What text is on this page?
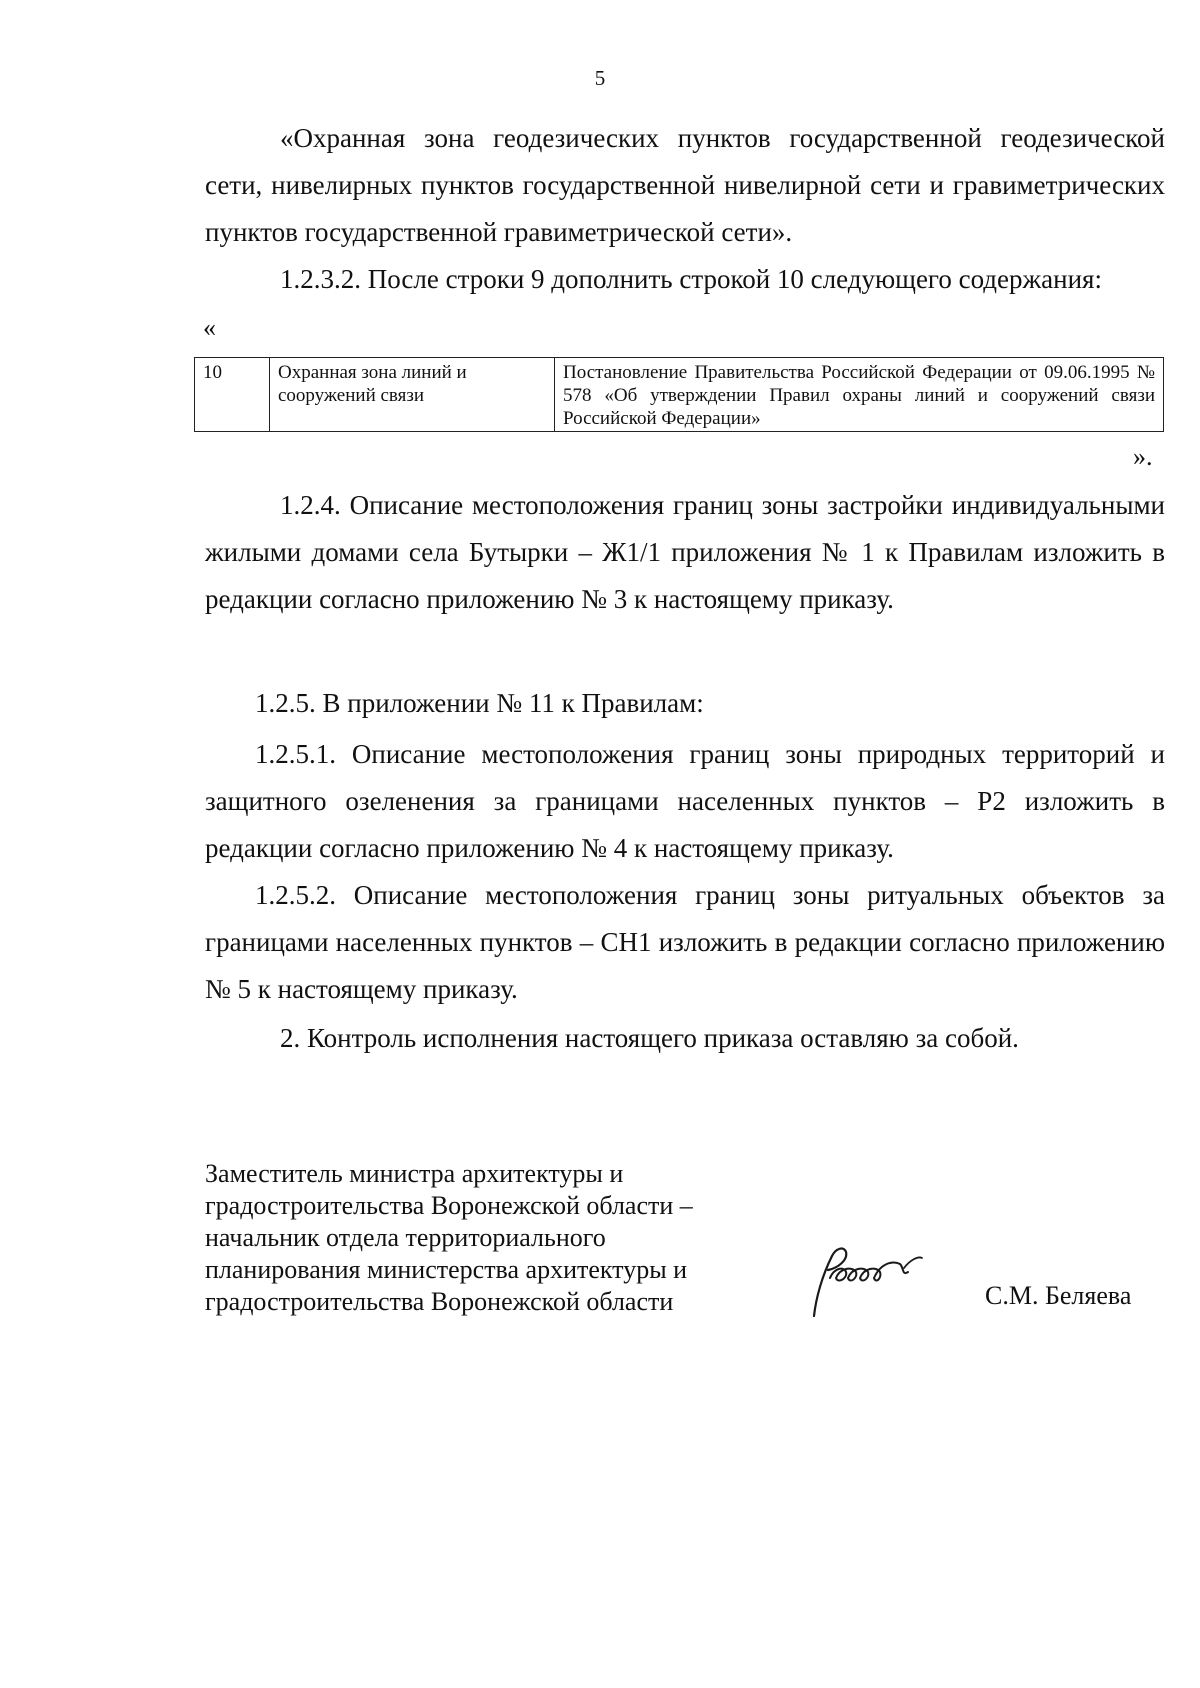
5

«Охранная зона геодезических пунктов государственной геодезической сети, нивелирных пунктов государственной нивелирной сети и гравиметрических пунктов государственной гравиметрической сети».

1.2.3.2. После строки 9 дополнить строкой 10 следующего содержания:

«
10	Охранная зона линий и сооружений связи	Постановление Правительства Российской Федерации от 09.06.1995 № 578 «Об утверждении Правил охраны линий и сооружений связи Российской Федерации»
».

1.2.4. Описание местоположения границ зоны застройки индивидуальными жилыми домами села Бутырки – Ж1/1 приложения № 1 к Правилам изложить в редакции согласно приложению № 3 к настоящему приказу.

1.2.5. В приложении № 11 к Правилам:

1.2.5.1. Описание местоположения границ зоны природных территорий и защитного озеленения за границами населенных пунктов – Р2 изложить в редакции согласно приложению № 4 к настоящему приказу.

1.2.5.2. Описание местоположения границ зоны ритуальных объектов за границами населенных пунктов – СН1 изложить в редакции согласно приложению № 5 к настоящему приказу.

2. Контроль исполнения настоящего приказа оставляю за собой.

Заместитель министра архитектуры и
градостроительства Воронежской области –
начальник отдела территориального
планирования министерства архитектуры и
градостроительства Воронежской области	С.М. Беляева
